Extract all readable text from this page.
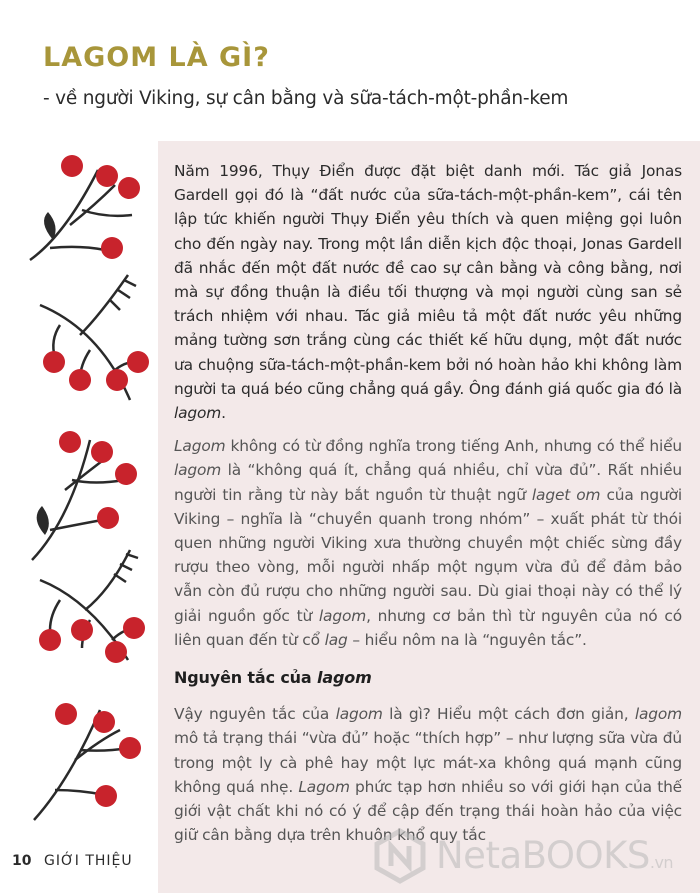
LAGOM LÀ GÌ?

- về người Viking, sự cân bằng và sữa-tách-một-phần-kem

Năm 1996, Thụy Điển được đặt biệt danh mới. Tác giả Jonas Gardell gọi đó là “đất nước của sữa-tách-một-phần-kem”, cái tên lập tức khiến người Thụy Điển yêu thích và quen miệng gọi luôn cho đến ngày nay. Trong một lần diễn kịch độc thoại, Jonas Gardell đã nhắc đến một đất nước đề cao sự cân bằng và công bằng, nơi mà sự đồng thuận là điều tối thượng và mọi người cùng san sẻ trách nhiệm với nhau. Tác giả miêu tả một đất nước yêu những mảng tường sơn trắng cùng các thiết kế hữu dụng, một đất nước ưa chuộng sữa-tách-một-phần-kem bởi nó hoàn hảo khi không làm người ta quá béo cũng chẳng quá gầy. Ông đánh giá quốc gia đó là lagom.

Lagom không có từ đồng nghĩa trong tiếng Anh, nhưng có thể hiểu lagom là “không quá ít, chẳng quá nhiều, chỉ vừa đủ”. Rất nhiều người tin rằng từ này bắt nguồn từ thuật ngữ laget om của người Viking – nghĩa là “chuyền quanh trong nhóm” – xuất phát từ thói quen những người Viking xưa thường chuyền một chiếc sừng đầy rượu theo vòng, mỗi người nhấp một ngụm vừa đủ để đảm bảo vẫn còn đủ rượu cho những người sau. Dù giai thoại này có thể lý giải nguồn gốc từ lagom, nhưng cơ bản thì từ nguyên của nó có liên quan đến từ cổ lag – hiểu nôm na là “nguyên tắc”.

Nguyên tắc của lagom

Vậy nguyên tắc của lagom là gì? Hiểu một cách đơn giản, lagom mô tả trạng thái “vừa đủ” hoặc “thích hợp” – như lượng sữa vừa đủ trong một ly cà phê hay một lực mát-xa không quá mạnh cũng không quá nhẹ. Lagom phức tạp hơn nhiều so với giới hạn của thế giới vật chất khi nó có ý để cập đến trạng thái hoàn hảo của việc giữ cân bằng dựa trên khuôn khổ quy tắc

10 GIỚI THIỆU	NetaBOOKS.vn
